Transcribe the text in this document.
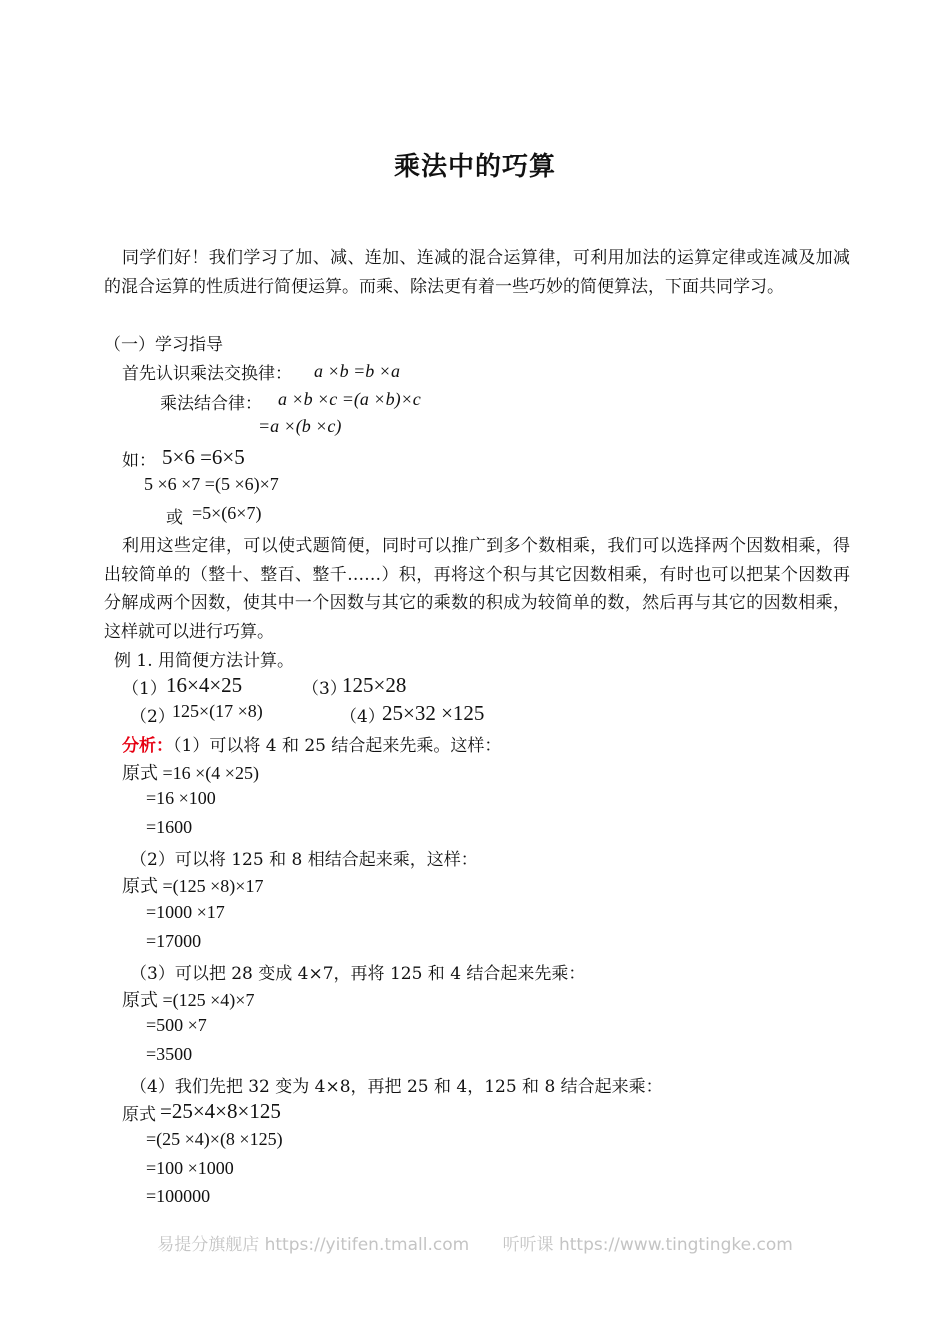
乘法中的巧算
同学们好！我们学习了加、减、连加、连减的混合运算律，可利用加法的运算定律或连减及加减的混合运算的性质进行简便运算。而乘、除法更有着一些巧妙的简便算法，下面共同学习。
（一）学习指导
首先认识乘法交换律： a ×b =b ×a
乘法结合律： a ×b ×c =(a ×b)×c
=a ×(b ×c)
如： 5×6 =6×5
5 ×6 ×7 =(5 ×6)×7
或 =5×(6×7)
利用这些定律，可以使式题简便，同时可以推广到多个数相乘，我们可以选择两个因数相乘，得出较简单的（整十、整百、整千……）积，再将这个积与其它因数相乘，有时也可以把某个因数再分解成两个因数，使其中一个因数与其它的乘数的积成为较简单的数，然后再与其它的因数相乘，这样就可以进行巧算。
例 1. 用简便方法计算。
（1） 16×4×25	（3）
125×28
（2）
125×(17 ×8)	（4）
25×32 ×125
分析：（1）可以将 4 和 25 结合起来先乘。这样：
原式 =16 ×(4 ×25)
=16 ×100
=1600
（2）可以将 125 和 8 相结合起来乘，这样：
原式 =(125 ×8)×17
=1000 ×17
=17000
（3）可以把 28 变成 4×7，再将 125 和 4 结合起来先乘：
原式 =(125 ×4)×7
=500 ×7
=3500
（4）我们先把 32 变为 4×8，再把 25 和 4，125 和 8 结合起来乘：
原式 =25×4×8×125
=(25 ×4)×(8 ×125)
=100 ×1000
=100000
易提分旗舰店 https://yitifen.tmall.com 听听课 https://www.tingtingke.com
